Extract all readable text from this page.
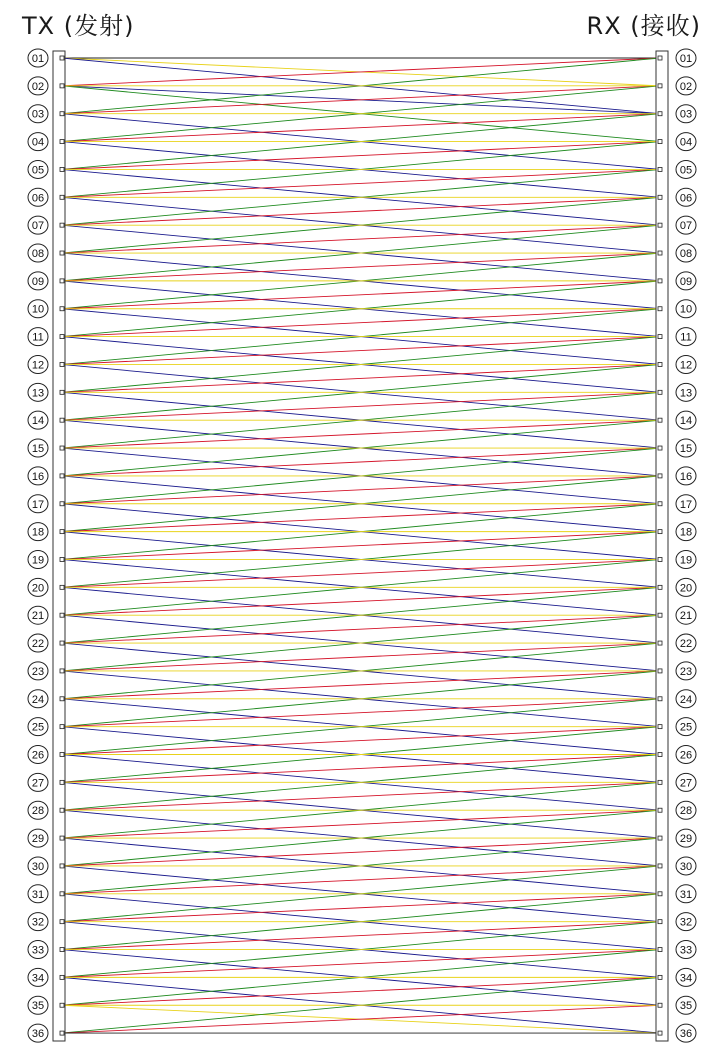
TX (发射)	RX (接收)
01
02
03
04
05
06
07
08
09
10
11
12
13
14
15
16
17
18
19
20
21
22
23
24
25
26
27
28
29
30
31
32
33
34
35
36
01
02
03
04
05
06
07
08
09
10
11
12
13
14
15
16
17
18
19
20
21
22
23
24
25
26
27
28
29
30
31
32
33
34
35
36
